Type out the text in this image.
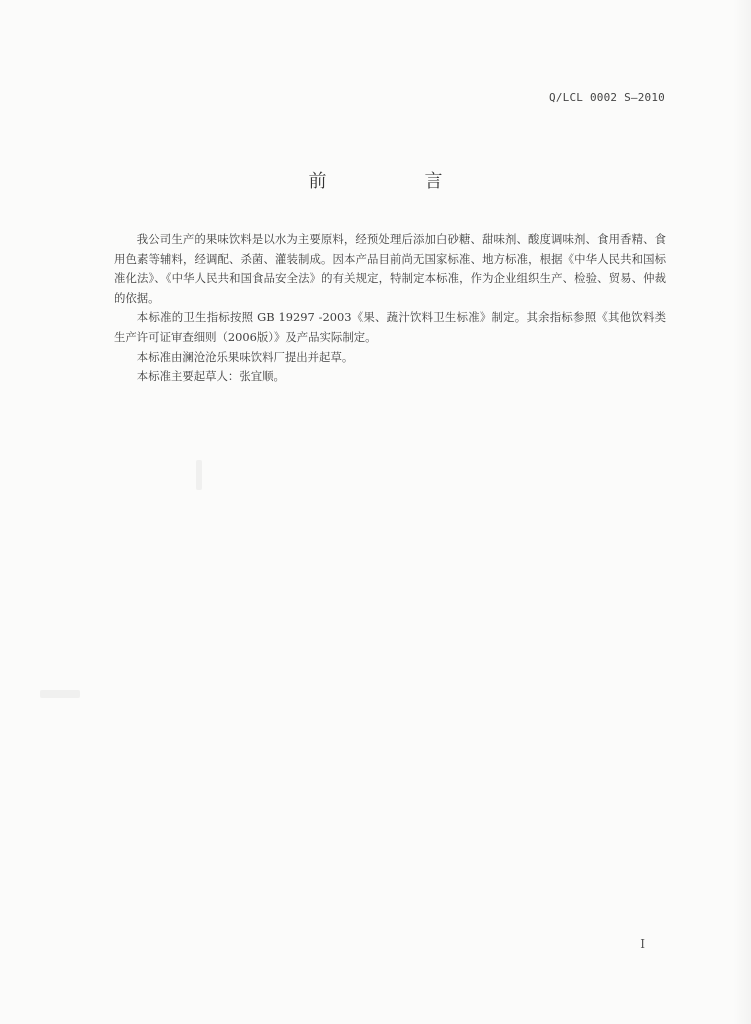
Q/LCL 0002 S—2010
前　言

我公司生产的果味饮料是以水为主要原料，经预处理后添加白砂糖、甜味剂、酸度调味剂、食用香精、食用色素等辅料，经调配、杀菌、灌装制成。因本产品目前尚无国家标准、地方标准，根据《中华人民共和国标准化法》、《中华人民共和国食品安全法》的有关规定，特制定本标准，作为企业组织生产、检验、贸易、仲裁的依据。

本标准的卫生指标按照 GB 19297 -2003《果、蔬汁饮料卫生标准》制定。其余指标参照《其他饮料类生产许可证审查细则（2006版）》及产品实际制定。

本标准由澜沧沧乐果味饮料厂提出并起草。

本标准主要起草人：张宜顺。

I
